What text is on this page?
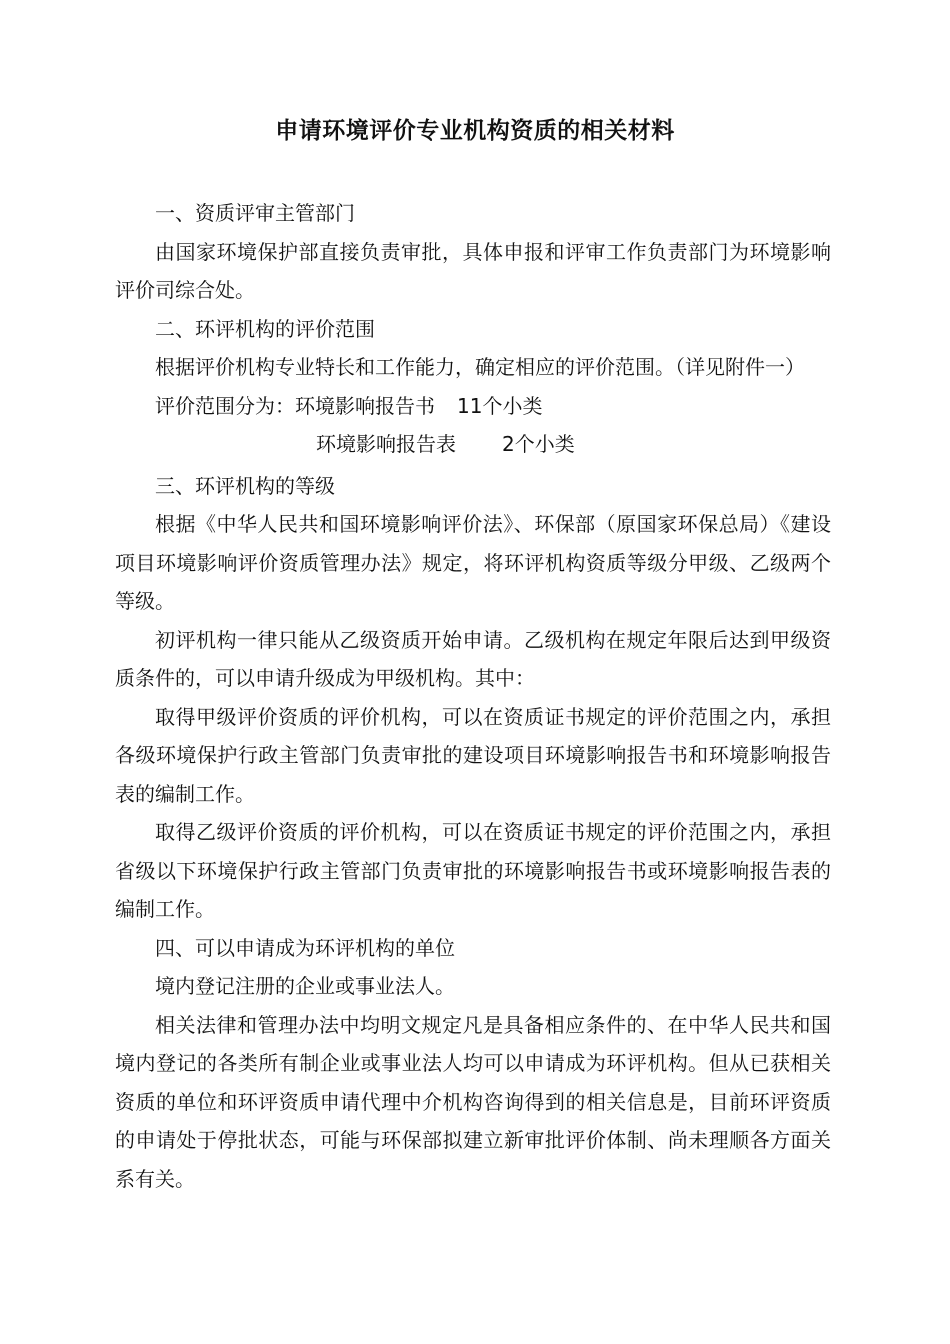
申请环境评价专业机构资质的相关材料

一、资质评审主管部门

由国家环境保护部直接负责审批，具体申报和评审工作负责部门为环境影响评价司综合处。

二、环评机构的评价范围

根据评价机构专业特长和工作能力，确定相应的评价范围。（详见附件一）

评价范围分为：环境影响报告书 11个小类

环境影响报告表 2个小类

三、环评机构的等级

根据《中华人民共和国环境影响评价法》、环保部（原国家环保总局）《建设项目环境影响评价资质管理办法》规定，将环评机构资质等级分甲级、乙级两个等级。

初评机构一律只能从乙级资质开始申请。乙级机构在规定年限后达到甲级资质条件的，可以申请升级成为甲级机构。其中：

取得甲级评价资质的评价机构，可以在资质证书规定的评价范围之内，承担各级环境保护行政主管部门负责审批的建设项目环境影响报告书和环境影响报告表的编制工作。

取得乙级评价资质的评价机构，可以在资质证书规定的评价范围之内，承担省级以下环境保护行政主管部门负责审批的环境影响报告书或环境影响报告表的编制工作。

四、可以申请成为环评机构的单位

境内登记注册的企业或事业法人。

相关法律和管理办法中均明文规定凡是具备相应条件的、在中华人民共和国境内登记的各类所有制企业或事业法人均可以申请成为环评机构。但从已获相关资质的单位和环评资质申请代理中介机构咨询得到的相关信息是，目前环评资质的申请处于停批状态，可能与环保部拟建立新审批评价体制、尚未理顺各方面关系有关。
